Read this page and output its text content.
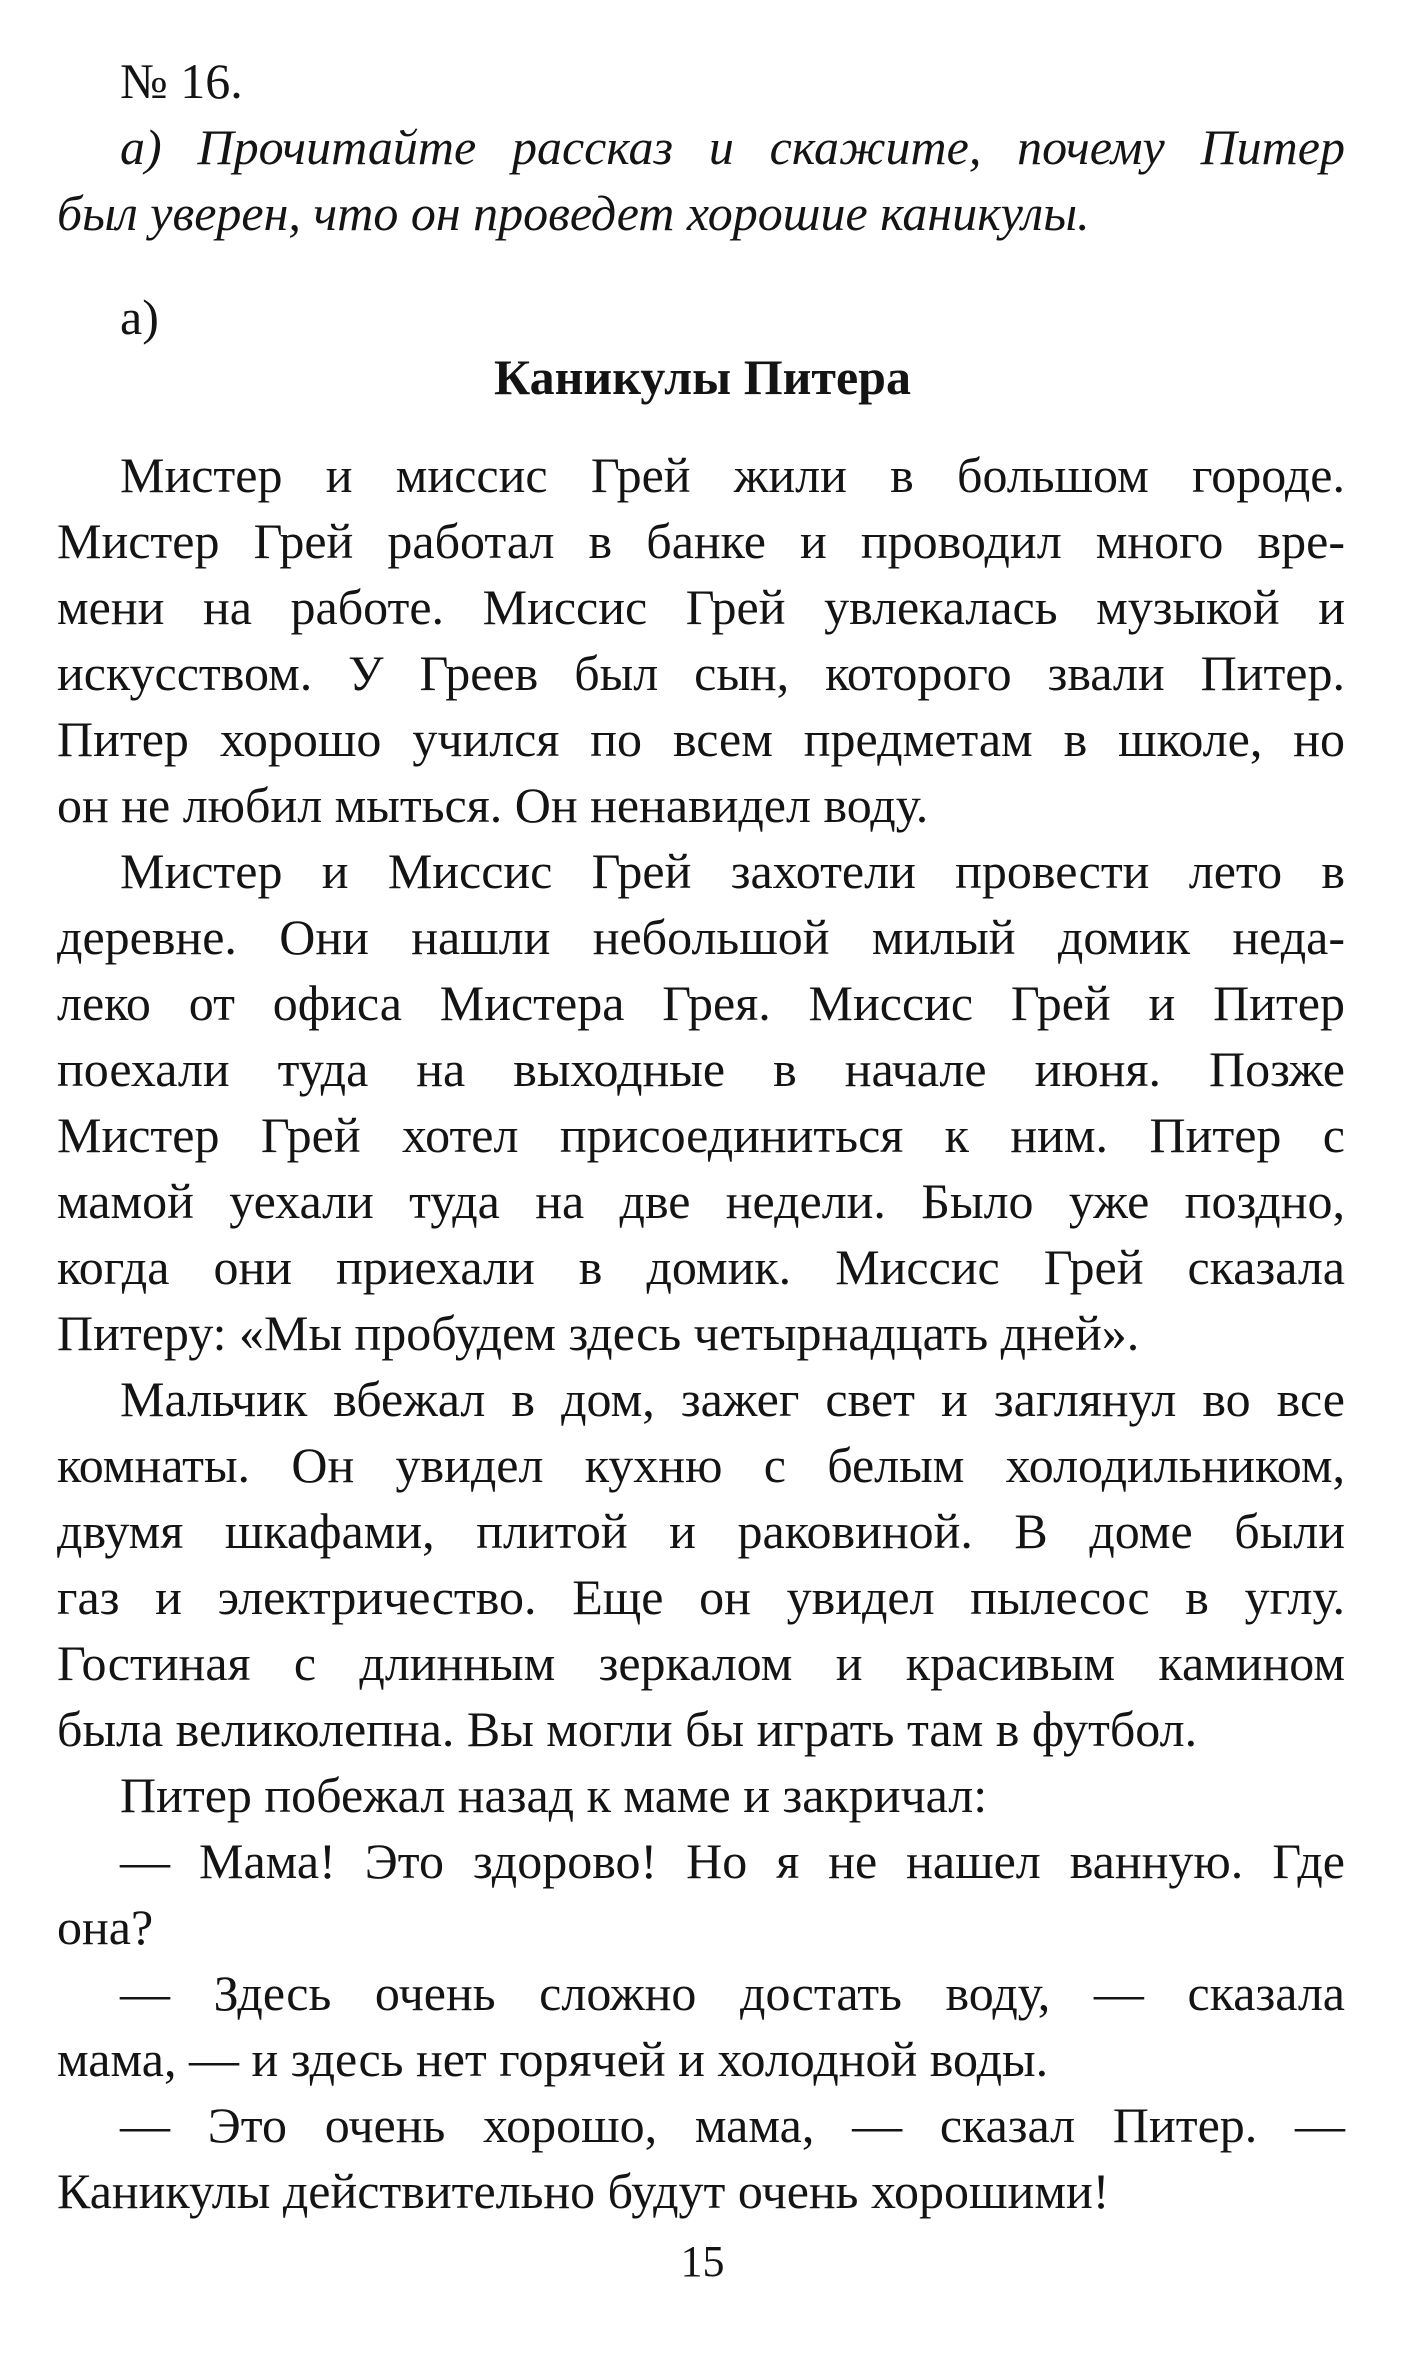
№ 16.
а) Прочитайте рассказ и скажите, почему Питер
был уверен, что он проведет хорошие каникулы.
а)
Каникулы Питера
Мистер и миссис Грей жили в большом городе.
Мистер Грей работал в банке и проводил много вре-
мени на работе. Миссис Грей увлекалась музыкой и
искусством. У Греев был сын, которого звали Питер.
Питер хорошо учился по всем предметам в школе, но
он не любил мыться. Он ненавидел воду.
Мистер и Миссис Грей захотели провести лето в
деревне. Они нашли небольшой милый домик неда-
леко от офиса Мистера Грея. Миссис Грей и Питер
поехали туда на выходные в начале июня. Позже
Мистер Грей хотел присоединиться к ним. Питер с
мамой уехали туда на две недели. Было уже поздно,
когда они приехали в домик. Миссис Грей сказала
Питеру: «Мы пробудем здесь четырнадцать дней».
Мальчик вбежал в дом, зажег свет и заглянул во все
комнаты. Он увидел кухню с белым холодильником,
двумя шкафами, плитой и раковиной. В доме были
газ и электричество. Еще он увидел пылесос в углу.
Гостиная с длинным зеркалом и красивым камином
была великолепна. Вы могли бы играть там в футбол.
Питер побежал назад к маме и закричал:
— Мама! Это здорово! Но я не нашел ванную. Где
она?
— Здесь очень сложно достать воду, — сказала
мама, — и здесь нет горячей и холодной воды.
— Это очень хорошо, мама, — сказал Питер. —
Каникулы действительно будут очень хорошими!
15
